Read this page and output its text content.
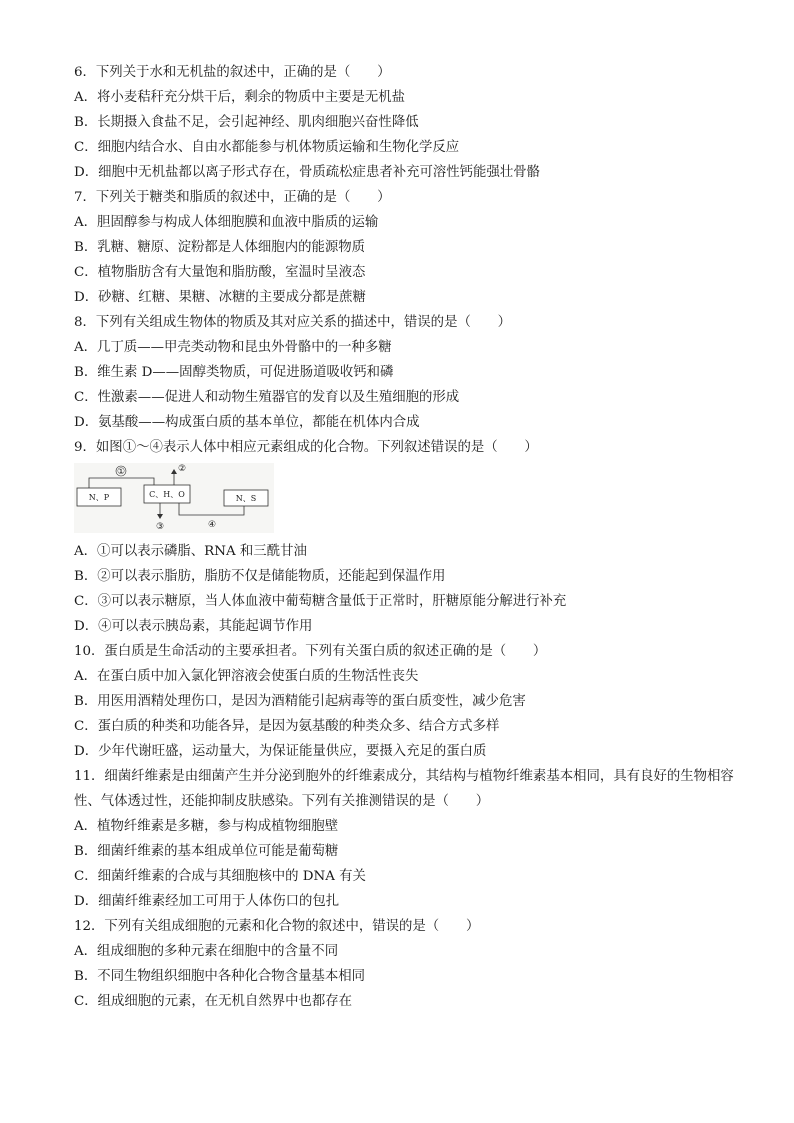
6．下列关于水和无机盐的叙述中，正确的是（　　）
A．将小麦秸秆充分烘干后，剩余的物质中主要是无机盐
B．长期摄入食盐不足，会引起神经、肌肉细胞兴奋性降低
C．细胞内结合水、自由水都能参与机体物质运输和生物化学反应
D．细胞中无机盐都以离子形式存在，骨质疏松症患者补充可溶性钙能强壮骨骼
7．下列关于糖类和脂质的叙述中，正确的是（　　）
A．胆固醇参与构成人体细胞膜和血液中脂质的运输
B．乳糖、糖原、淀粉都是人体细胞内的能源物质
C．植物脂肪含有大量饱和脂肪酸，室温时呈液态
D．砂糖、红糖、果糖、冰糖的主要成分都是蔗糖
8．下列有关组成生物体的物质及其对应关系的描述中，错误的是（　　）
A．几丁质——甲壳类动物和昆虫外骨骼中的一种多糖
B．维生素 D——固醇类物质，可促进肠道吸收钙和磷
C．性激素——促进人和动物生殖器官的发育以及生殖细胞的形成
D．氨基酸——构成蛋白质的基本单位，都能在机体内合成
9．如图①～④表示人体中相应元素组成的化合物。下列叙述错误的是（　　）
N、P	C、H、O	N、S
①	②
③	④
A．①可以表示磷脂、RNA 和三酰甘油
B．②可以表示脂肪，脂肪不仅是储能物质，还能起到保温作用
C．③可以表示糖原，当人体血液中葡萄糖含量低于正常时，肝糖原能分解进行补充
D．④可以表示胰岛素，其能起调节作用
10．蛋白质是生命活动的主要承担者。下列有关蛋白质的叙述正确的是（　　）
A．在蛋白质中加入氯化钾溶液会使蛋白质的生物活性丧失
B．用医用酒精处理伤口，是因为酒精能引起病毒等的蛋白质变性，减少危害
C．蛋白质的种类和功能各异，是因为氨基酸的种类众多、结合方式多样
D．少年代谢旺盛，运动量大，为保证能量供应，要摄入充足的蛋白质
11．细菌纤维素是由细菌产生并分泌到胞外的纤维素成分，其结构与植物纤维素基本相同，具有良好的生物相容性、气体透过性，还能抑制皮肤感染。下列有关推测错误的是（　　）
A．植物纤维素是多糖，参与构成植物细胞壁
B．细菌纤维素的基本组成单位可能是葡萄糖
C．细菌纤维素的合成与其细胞核中的 DNA 有关
D．细菌纤维素经加工可用于人体伤口的包扎
12．下列有关组成细胞的元素和化合物的叙述中，错误的是（　　）
A．组成细胞的多种元素在细胞中的含量不同
B．不同生物组织细胞中各种化合物含量基本相同
C．组成细胞的元素，在无机自然界中也都存在
